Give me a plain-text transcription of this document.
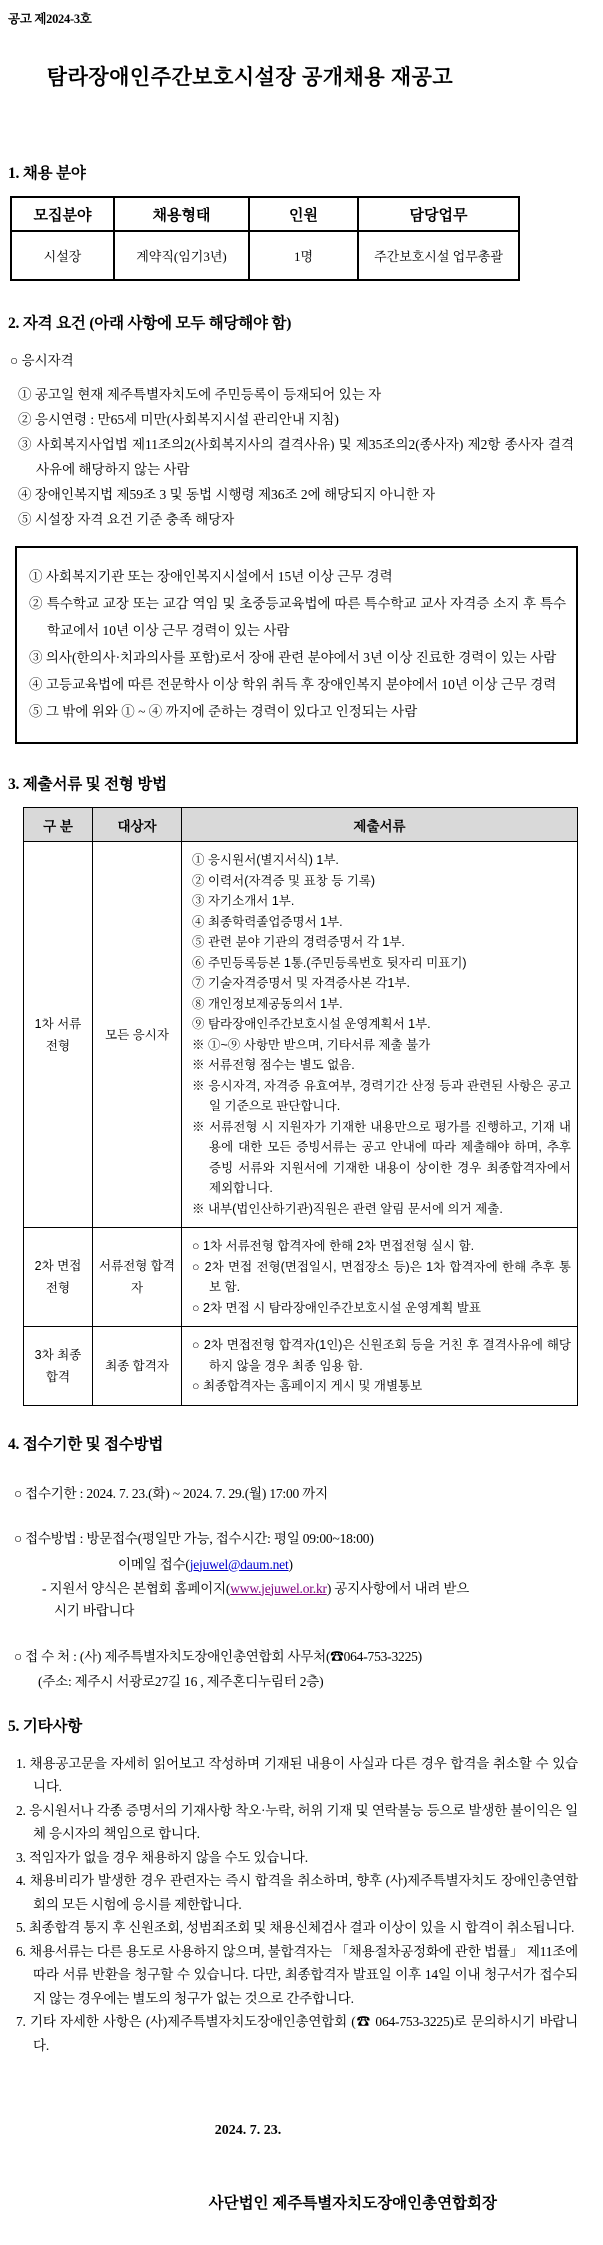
공고 제2024-3호
탐라장애인주간보호시설장 공개채용 재공고
1. 채용 분야
모집분야	채용형태	인원	담당업무
시설장	계약직(임기3년)	1명	주간보호시설 업무총괄
2. 자격 요건 (아래 사항에 모두 해당해야 함)
○ 응시자격
① 공고일 현재 제주특별자치도에 주민등록이 등재되어 있는 자
② 응시연령 : 만65세 미만(사회복지시설 관리안내 지침)
③ 사회복지사업법 제11조의2(사회복지사의 결격사유) 및 제35조의2(종사자) 제2항 종사자 결격사유에 해당하지 않는 사람
④ 장애인복지법 제59조 3 및 동법 시행령 제36조 2에 해당되지 아니한 자
⑤ 시설장 자격 요건 기준 충족 해당자
① 사회복지기관 또는 장애인복지시설에서 15년 이상 근무 경력
② 특수학교 교장 또는 교감 역임 및 초중등교육법에 따른 특수학교 교사 자격증 소지 후 특수학교에서 10년 이상 근무 경력이 있는 사람
③ 의사(한의사·치과의사를 포함)로서 장애 관련 분야에서 3년 이상 진료한 경력이 있는 사람
④ 고등교육법에 따른 전문학사 이상 학위 취득 후 장애인복지 분야에서 10년 이상 근무 경력
⑤ 그 밖에 위와 ① ~ ④ 까지에 준하는 경력이 있다고 인정되는 사람
3. 제출서류 및 전형 방법
구 분	대상자	제출서류
1차 서류전형	모든 응시자	
① 응시원서(별지서식) 1부.
② 이력서(자격증 및 표창 등 기록)
③ 자기소개서 1부.
④ 최종학력졸업증명서 1부.
⑤ 관련 분야 기관의 경력증명서 각 1부.
⑥ 주민등록등본 1통.(주민등록번호 뒷자리 미표기)
⑦ 기술자격증명서 및 자격증사본 각1부.
⑧ 개인정보제공동의서 1부.
⑨ 탐라장애인주간보호시설 운영계획서 1부.
※ ①~⑨ 사항만 받으며, 기타서류 제출 불가
※ 서류전형 점수는 별도 없음.
※ 응시자격, 자격증 유효여부, 경력기간 산정 등과 관련된 사항은 공고일 기준으로 판단합니다.
※ 서류전형 시 지원자가 기재한 내용만으로 평가를 진행하고, 기재 내용에 대한 모든 증빙서류는 공고 안내에 따라 제출해야 하며, 추후 증빙 서류와 지원서에 기재한 내용이 상이한 경우 최종합격자에서 제외합니다.
※ 내부(법인산하기관)직원은 관련 알림 문서에 의거 제출.

2차 면접전형	서류전형 합격자	○ 1차 서류전형 합격자에 한해 2차 면접전형 실시 함.
○ 2차 면접 전형(면접일시, 면접장소 등)은 1차 합격자에 한해 추후 통보 함.
○ 2차 면접 시 탐라장애인주간보호시설 운영계획 발표

3차 최종합격	최종 합격자	○ 2차 면접전형 합격자(1인)은 신원조회 등을 거친 후 결격사유에 해당 하지 않을 경우 최종 임용 함.
○ 최종합격자는 홈페이지 게시 및 개별통보
4. 접수기한 및 접수방법
○ 접수기한 : 2024. 7. 23.(화) ~ 2024. 7. 29.(월) 17:00 까지
○ 접수방법 : 방문접수(평일만 가능, 접수시간: 평일 09:00~18:00)
이메일 접수(jejuwel@daum.net)
- 지원서 양식은 본협회 홈페이지(www.jejuwel.or.kr) 공지사항에서 내려 받으
시기 바랍니다
○ 접 수 처 : (사) 제주특별자치도장애인총연합회 사무처(☎064-753-3225)
(주소: 제주시 서광로27길 16 , 제주혼디누림터 2층)
5. 기타사항
1. 채용공고문을 자세히 읽어보고 작성하며 기재된 내용이 사실과 다른 경우 합격을 취소할 수 있습니다.
2. 응시원서나 각종 증명서의 기재사항 착오·누락, 허위 기재 및 연락불능 등으로 발생한 불이익은 일체 응시자의 책임으로 합니다.
3. 적임자가 없을 경우 채용하지 않을 수도 있습니다.
4. 채용비리가 발생한 경우 관련자는 즉시 합격을 취소하며, 향후 (사)제주특별자치도 장애인총연합회의 모든 시험에 응시를 제한합니다.
5. 최종합격 통지 후 신원조회, 성범죄조회 및 채용신체검사 결과 이상이 있을 시 합격이 취소됩니다.
6. 채용서류는 다른 용도로 사용하지 않으며, 불합격자는 「채용절차공정화에 관한 법률」 제11조에 따라 서류 반환을 청구할 수 있습니다. 다만, 최종합격자 발표일 이후 14일 이내 청구서가 접수되지 않는 경우에는 별도의 청구가 없는 것으로 간주합니다.
7. 기타 자세한 사항은 (사)제주특별자치도장애인총연합회 (☎ 064-753-3225)로 문의하시기 바랍니다.
2024. 7. 23.
사단법인 제주특별자치도장애인총연합회장
